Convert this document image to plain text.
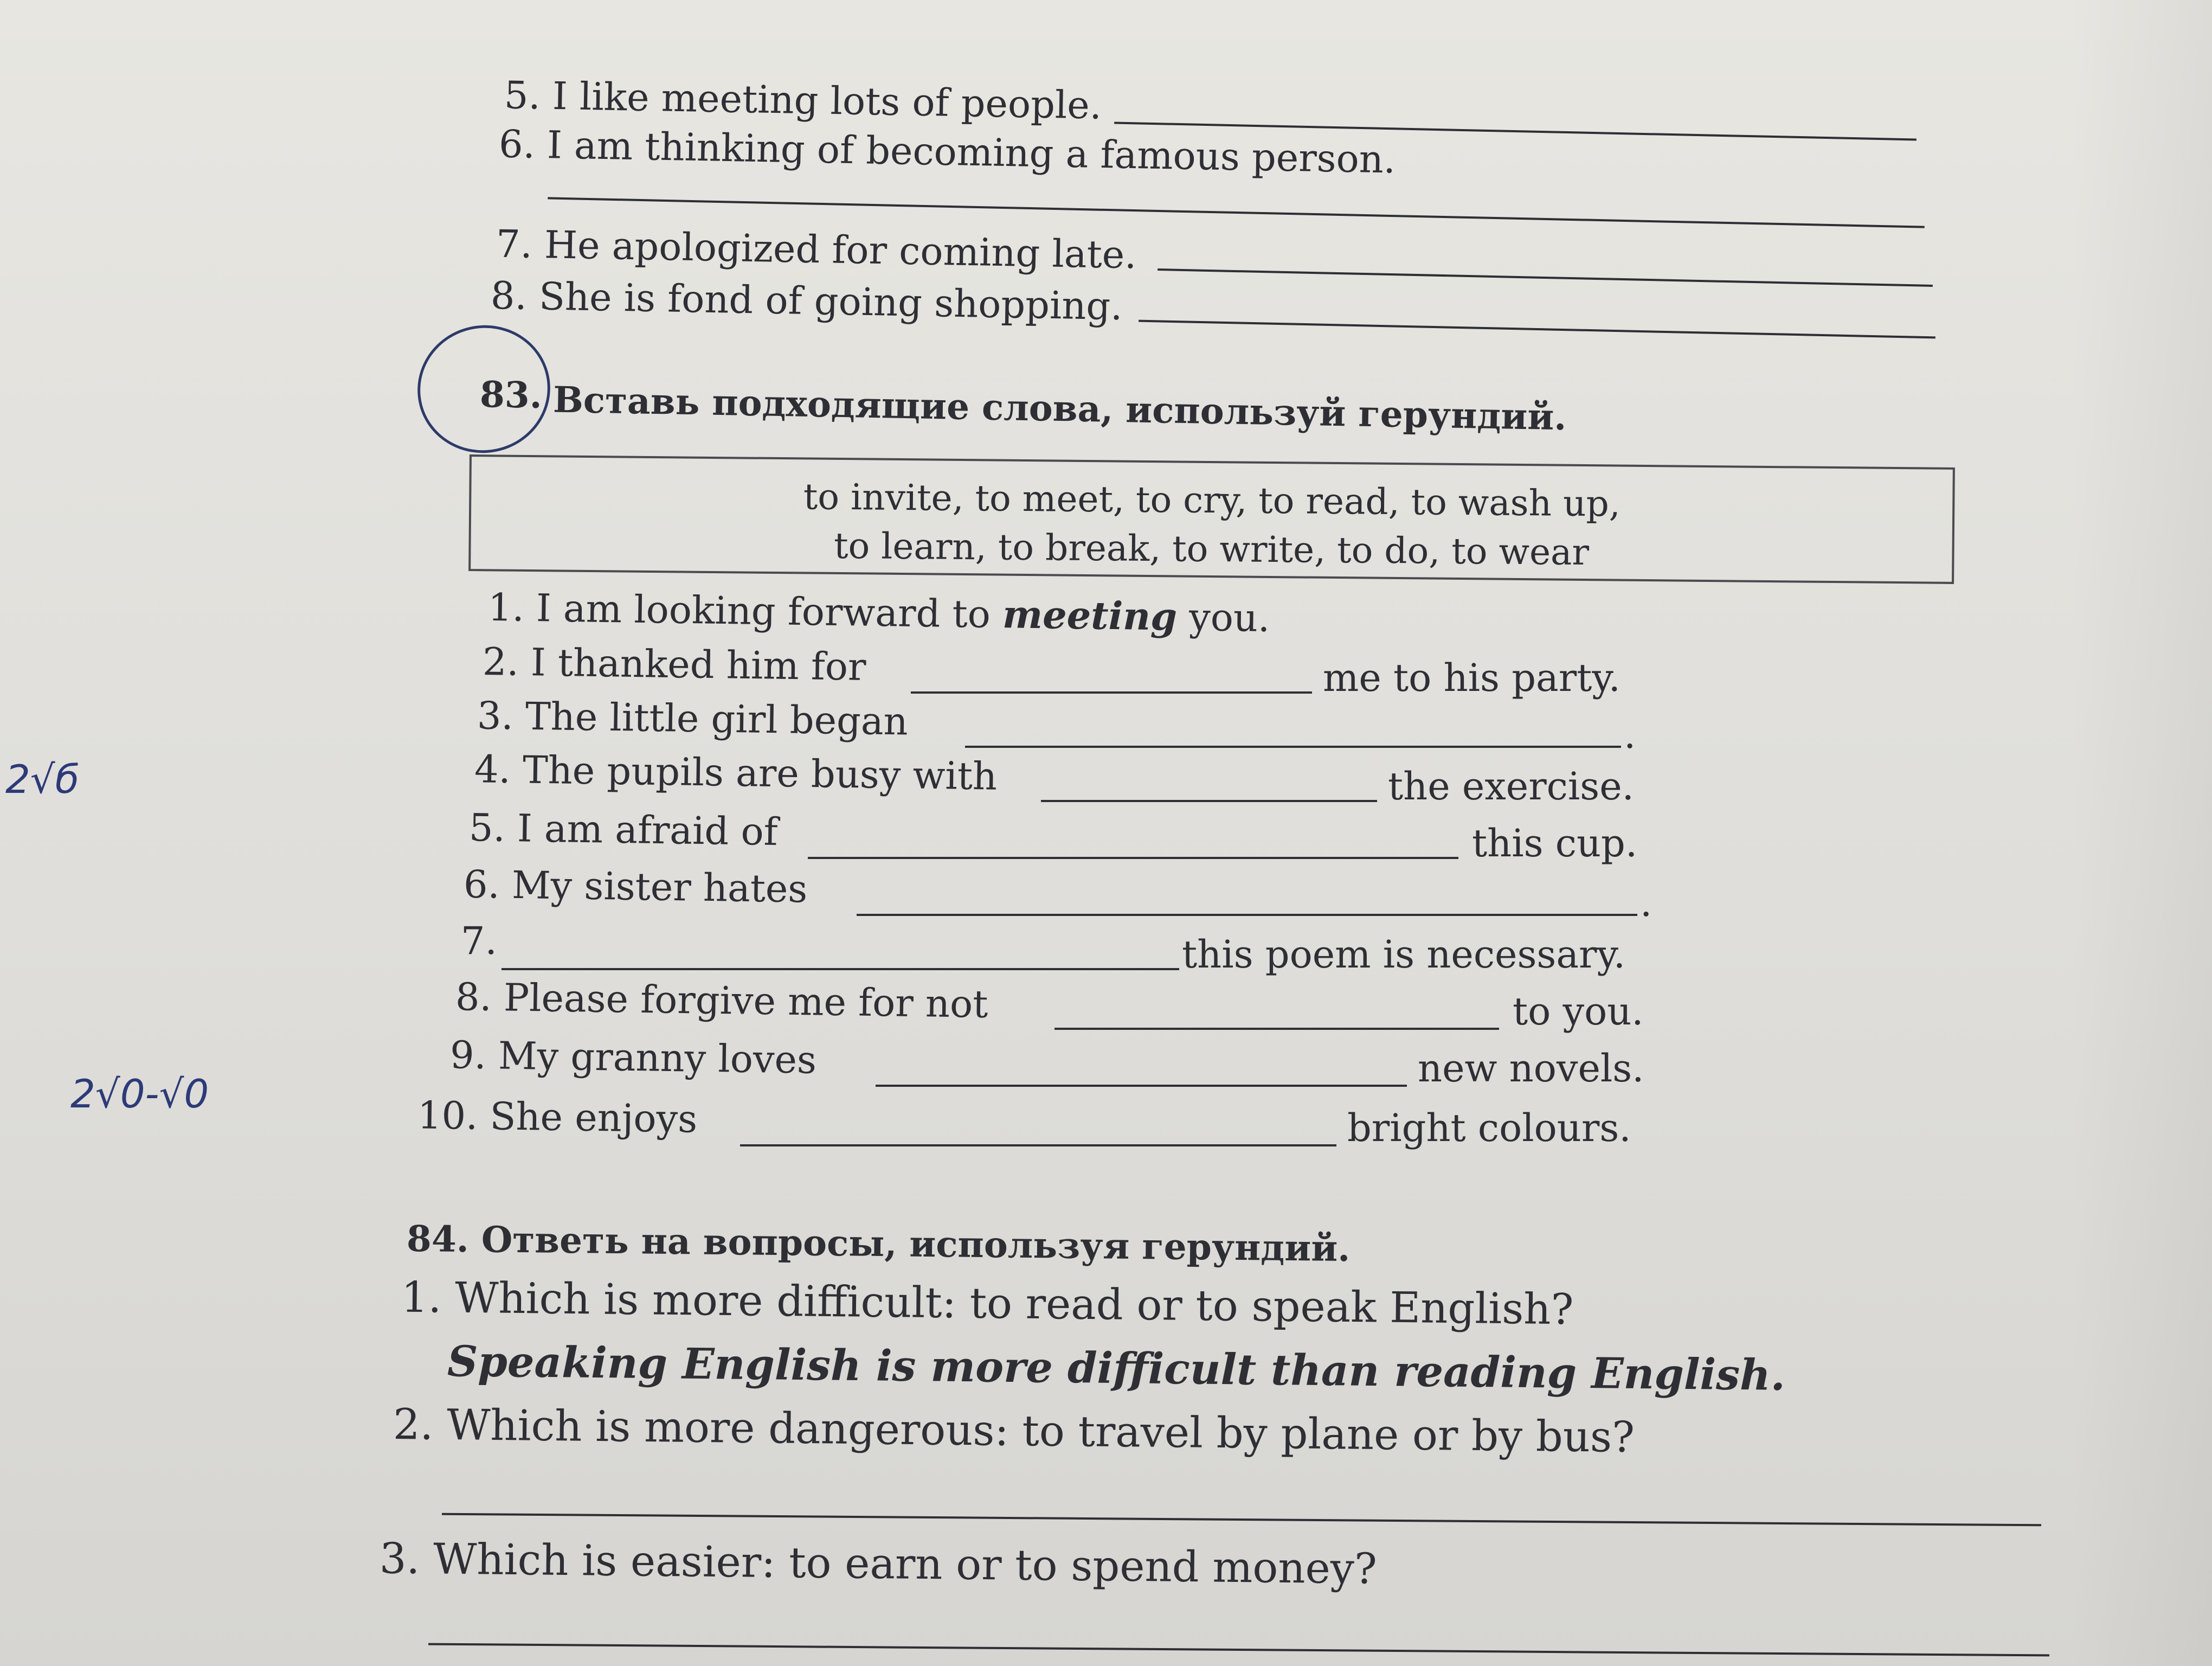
5. I like meeting lots of people.
6. I am thinking of becoming a famous person.
7. He apologized for coming late.
8. She is fond of going shopping.
83. Вставь подходящие слова, используй герундий.
to invite, to meet, to cry, to read, to wash up,
to learn, to break, to write, to do, to wear
1. I am looking forward to meeting you.
2. I thanked him for	me to his party.
3. The little girl began	.
4. The pupils are busy with	the exercise.
5. I am afraid of	this cup.
6. My sister hates	.
7.	this poem is necessary.
8. Please forgive me for not	to you.
9. My granny loves	new novels.
10. She enjoys	bright colours.
2√б
2√0-√0
84. Ответь на вопросы, используя герундий.
1. Which is more difficult: to read or to speak English?
Speaking English is more difficult than reading English.
2. Which is more dangerous: to travel by plane or by bus?
3. Which is easier: to earn or to spend money?
